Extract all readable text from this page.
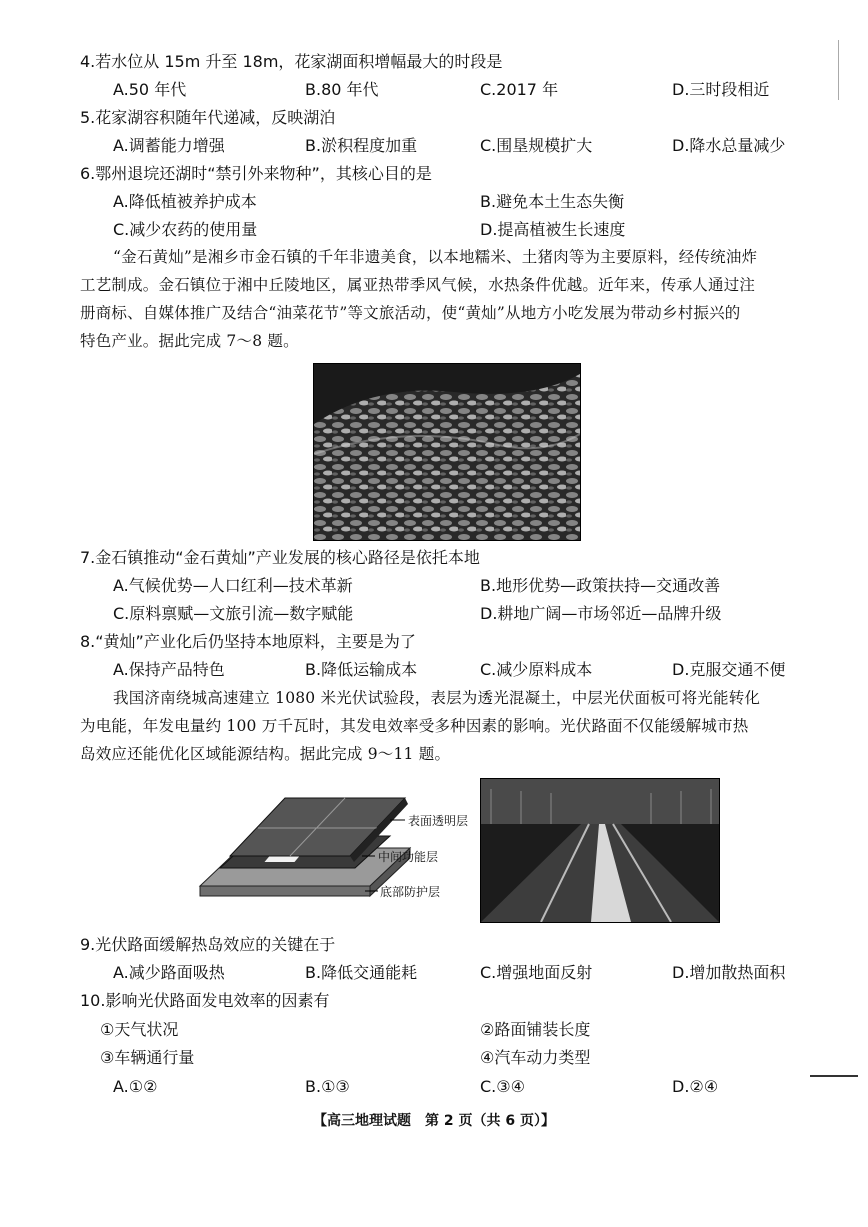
4.若水位从 15m 升至 18m，花家湖面积增幅最大的时段是
A.50 年代	B.80 年代	C.2017 年	D.三时段相近
5.花家湖容积随年代递减，反映湖泊
A.调蓄能力增强	B.淤积程度加重	C.围垦规模扩大	D.降水总量减少
6.鄂州退垸还湖时“禁引外来物种”，其核心目的是
A.降低植被养护成本	B.避免本土生态失衡
C.减少农药的使用量	D.提高植被生长速度
“金石黄灿”是湘乡市金石镇的千年非遗美食，以本地糯米、土猪肉等为主要原料，经传统油炸
工艺制成。金石镇位于湘中丘陵地区，属亚热带季风气候，水热条件优越。近年来，传承人通过注
册商标、自媒体推广及结合“油菜花节”等文旅活动，使“黄灿”从地方小吃发展为带动乡村振兴的
特色产业。据此完成 7～8 题。
7.金石镇推动“金石黄灿”产业发展的核心路径是依托本地
A.气候优势—人口红利—技术革新	B.地形优势—政策扶持—交通改善
C.原料禀赋—文旅引流—数字赋能	D.耕地广阔—市场邻近—品牌升级
8.“黄灿”产业化后仍坚持本地原料，主要是为了
A.保持产品特色	B.降低运输成本	C.减少原料成本	D.克服交通不便
我国济南绕城高速建立 1080 米光伏试验段，表层为透光混凝土，中层光伏面板可将光能转化
为电能，年发电量约 100 万千瓦时，其发电效率受多种因素的影响。光伏路面不仅能缓解城市热
岛效应还能优化区域能源结构。据此完成 9～11 题。
表面透明层
中间功能层
底部防护层
9.光伏路面缓解热岛效应的关键在于
A.减少路面吸热	B.降低交通能耗	C.增强地面反射	D.增加散热面积
10.影响光伏路面发电效率的因素有
①天气状况	②路面铺装长度
③车辆通行量	④汽车动力类型
A.①②	B.①③	C.③④	D.②④
【高三地理试题　第 2 页（共 6 页）】
